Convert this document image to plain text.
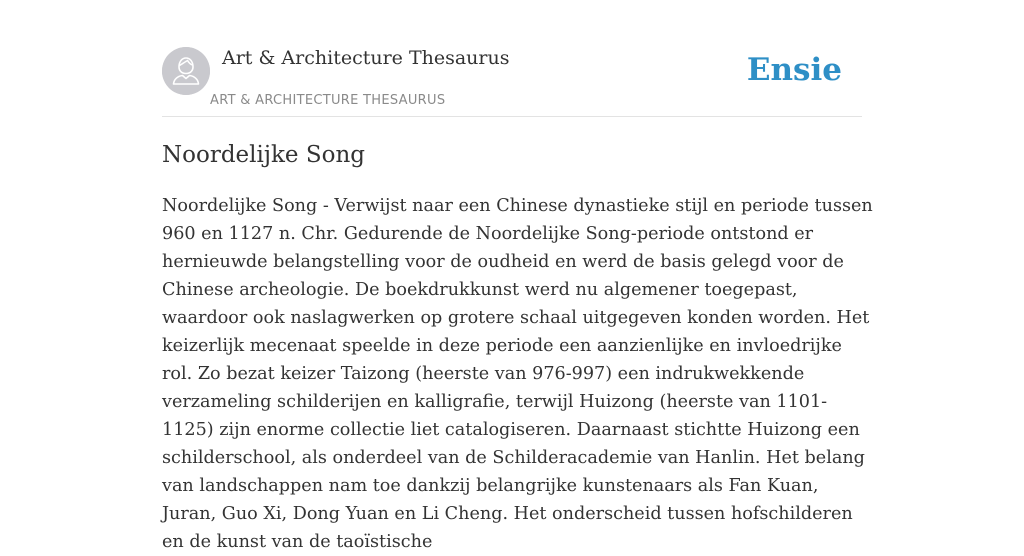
Art & Architecture Thesaurus
ART & ARCHITECTURE THESAURUS
Ensie
Noordelijke Song

Noordelijke Song - Verwijst naar een Chinese dynastieke stijl en periode tussen 960 en 1127 n. Chr. Gedurende de Noordelijke Song-periode ontstond er hernieuwde belangstelling voor de oudheid en werd de basis gelegd voor de Chinese archeologie. De boekdrukkunst werd nu algemener toegepast, waardoor ook naslagwerken op grotere schaal uitgegeven konden worden. Het keizerlijk mecenaat speelde in deze periode een aanzienlijke en invloedrijke rol. Zo bezat keizer Taizong (heerste van 976-997) een indrukwekkende verzameling schilderijen en kalligrafie, terwijl Huizong (heerste van 1101-1125) zijn enorme collectie liet catalogiseren. Daarnaast stichtte Huizong een schilderschool, als onderdeel van de Schilderacademie van Hanlin. Het belang van landschappen nam toe dankzij belangrijke kunstenaars als Fan Kuan, Juran, Guo Xi, Dong Yuan en Li Cheng. Het onderscheid tussen hofschilderen en de kunst van de taoïstische
